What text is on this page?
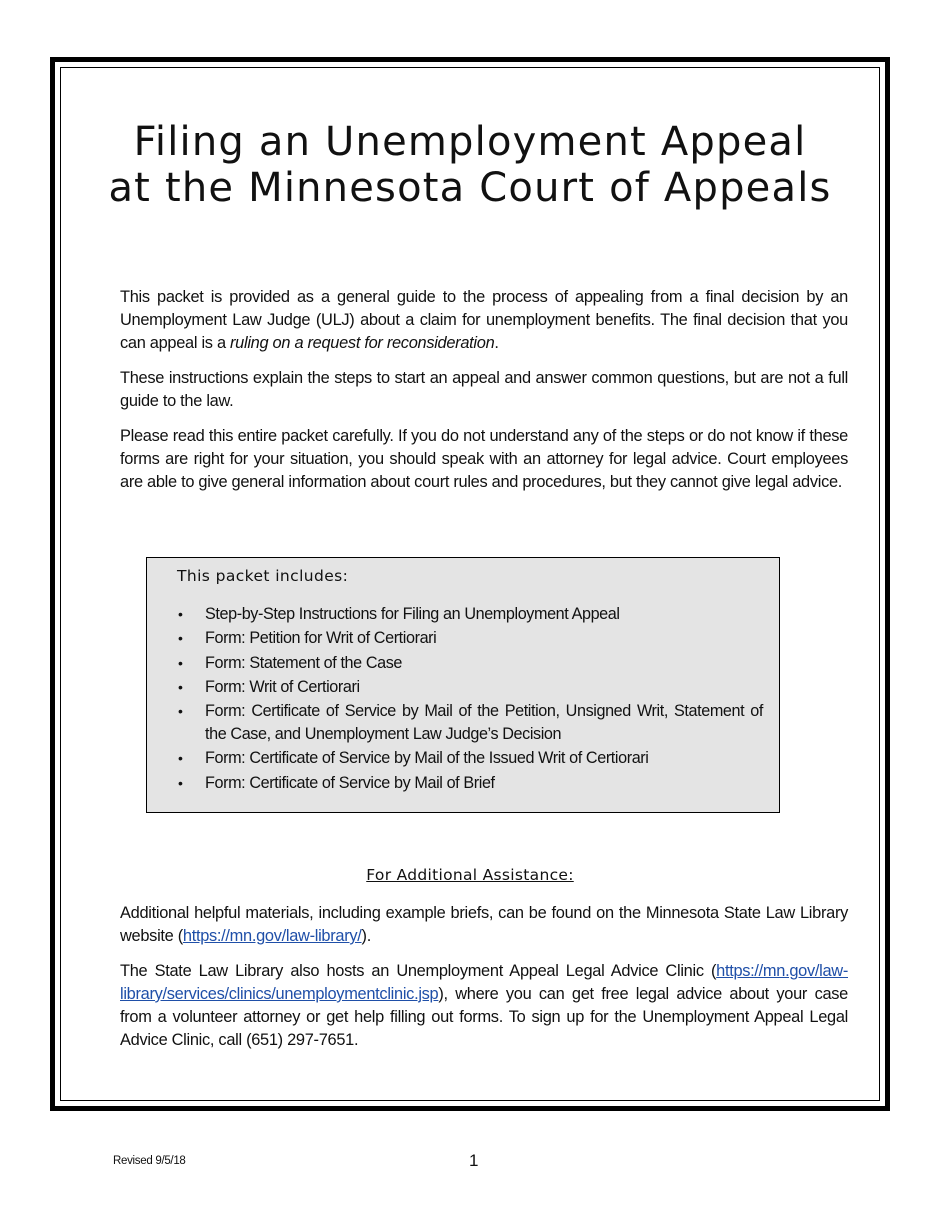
Filing an Unemployment Appeal
at the Minnesota Court of Appeals

This packet is provided as a general guide to the process of appealing from a final decision by an Unemployment Law Judge (ULJ) about a claim for unemployment benefits. The final decision that you can appeal is a ruling on a request for reconsideration.

These instructions explain the steps to start an appeal and answer common questions, but are not a full guide to the law.

Please read this entire packet carefully. If you do not understand any of the steps or do not know if these forms are right for your situation, you should speak with an attorney for legal advice. Court employees are able to give general information about court rules and procedures, but they cannot give legal advice.

This packet includes:
• Step-by-Step Instructions for Filing an Unemployment Appeal
• Form: Petition for Writ of Certiorari
• Form: Statement of the Case
• Form: Writ of Certiorari
• Form: Certificate of Service by Mail of the Petition, Unsigned Writ, Statement of the Case, and Unemployment Law Judge’s Decision
• Form: Certificate of Service by Mail of the Issued Writ of Certiorari
• Form: Certificate of Service by Mail of Brief
For Additional Assistance:

Additional helpful materials, including example briefs, can be found on the Minnesota State Law Library website (https://mn.gov/law-library/).

The State Law Library also hosts an Unemployment Appeal Legal Advice Clinic (https://mn.gov/law-library/services/clinics/unemploymentclinic.jsp), where you can get free legal advice about your case from a volunteer attorney or get help filling out forms. To sign up for the Unemployment Appeal Legal Advice Clinic, call (651) 297-7651.

Revised 9/5/18	1
